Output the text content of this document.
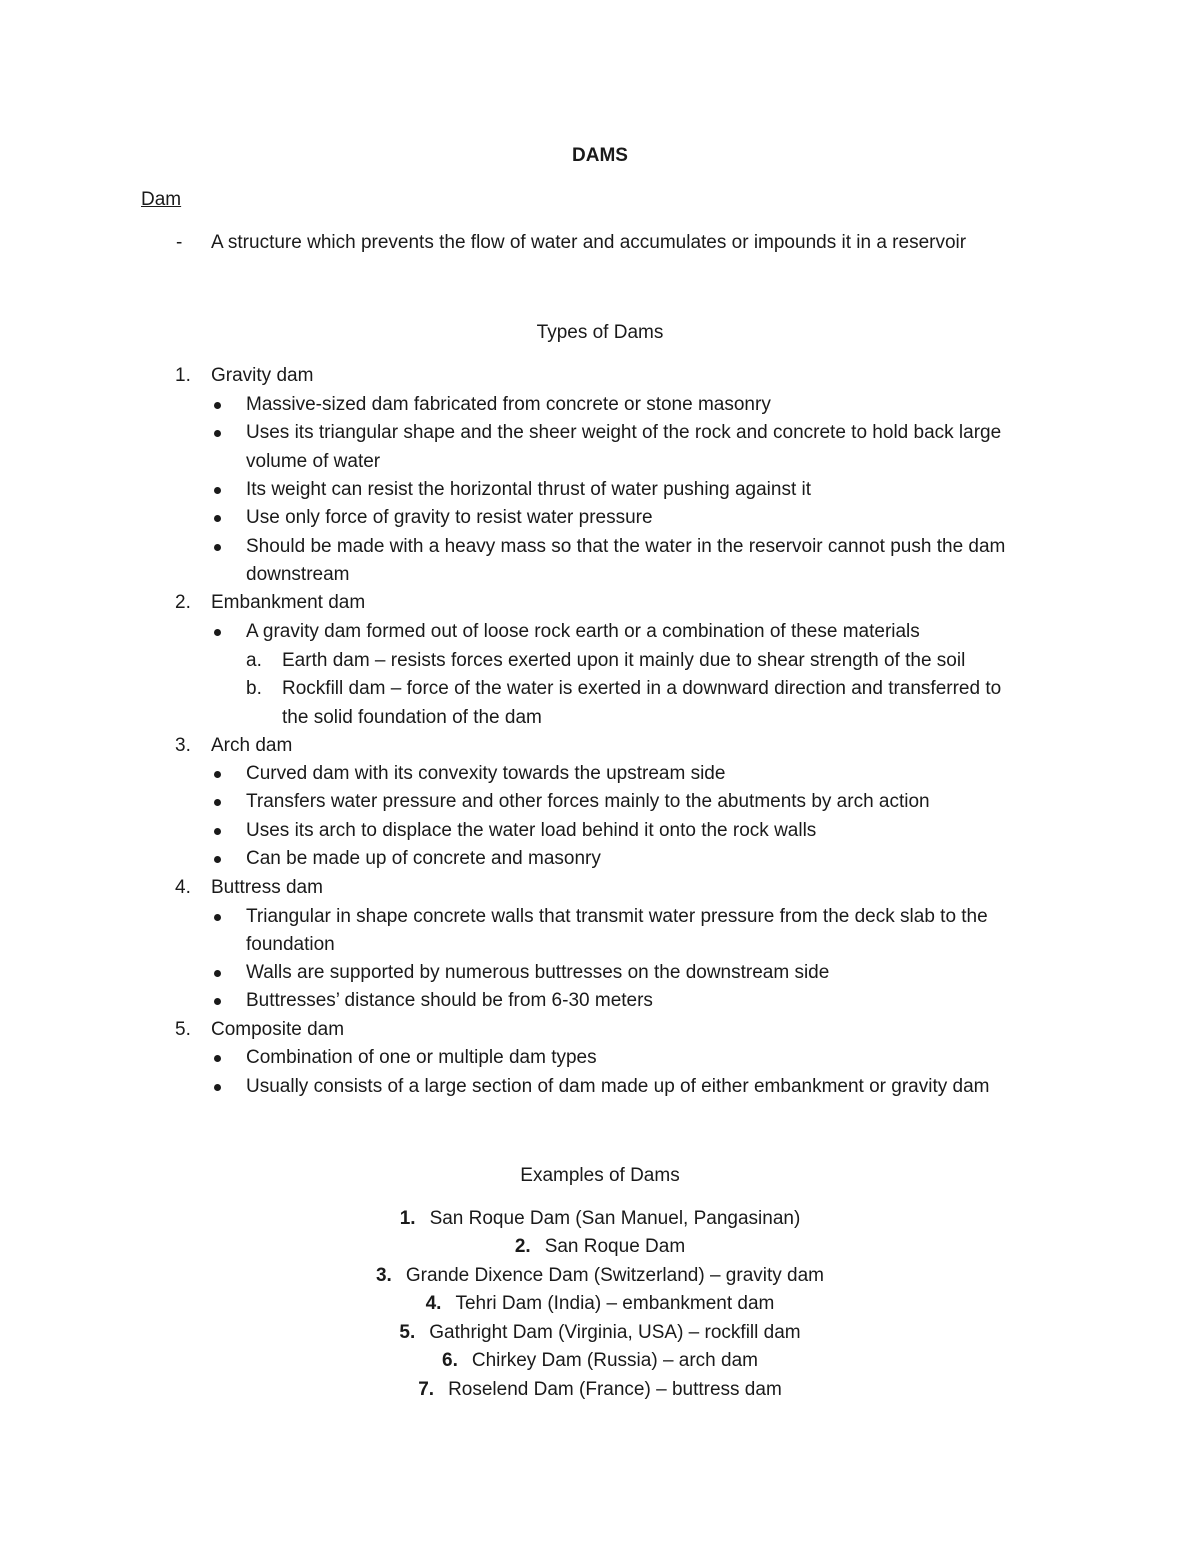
DAMS
Dam
- A structure which prevents the flow of water and accumulates or impounds it in a reservoir
Types of Dams
1. Gravity dam
Massive-sized dam fabricated from concrete or stone masonry
Uses its triangular shape and the sheer weight of the rock and concrete to hold back large
volume of water
Its weight can resist the horizontal thrust of water pushing against it
Use only force of gravity to resist water pressure
Should be made with a heavy mass so that the water in the reservoir cannot push the dam
downstream
2. Embankment dam
A gravity dam formed out of loose rock earth or a combination of these materials
a. Earth dam – resists forces exerted upon it mainly due to shear strength of the soil
b. Rockfill dam – force of the water is exerted in a downward direction and transferred to
the solid foundation of the dam
3. Arch dam
Curved dam with its convexity towards the upstream side
Transfers water pressure and other forces mainly to the abutments by arch action
Uses its arch to displace the water load behind it onto the rock walls
Can be made up of concrete and masonry
4. Buttress dam
Triangular in shape concrete walls that transmit water pressure from the deck slab to the
foundation
Walls are supported by numerous buttresses on the downstream side
Buttresses’ distance should be from 6-30 meters
5. Composite dam
Combination of one or multiple dam types
Usually consists of a large section of dam made up of either embankment or gravity dam
Examples of Dams
1. San Roque Dam (San Manuel, Pangasinan)
2. San Roque Dam
3. Grande Dixence Dam (Switzerland) – gravity dam
4. Tehri Dam (India) – embankment dam
5. Gathright Dam (Virginia, USA) – rockfill dam
6. Chirkey Dam (Russia) – arch dam
7. Roselend Dam (France) – buttress dam
